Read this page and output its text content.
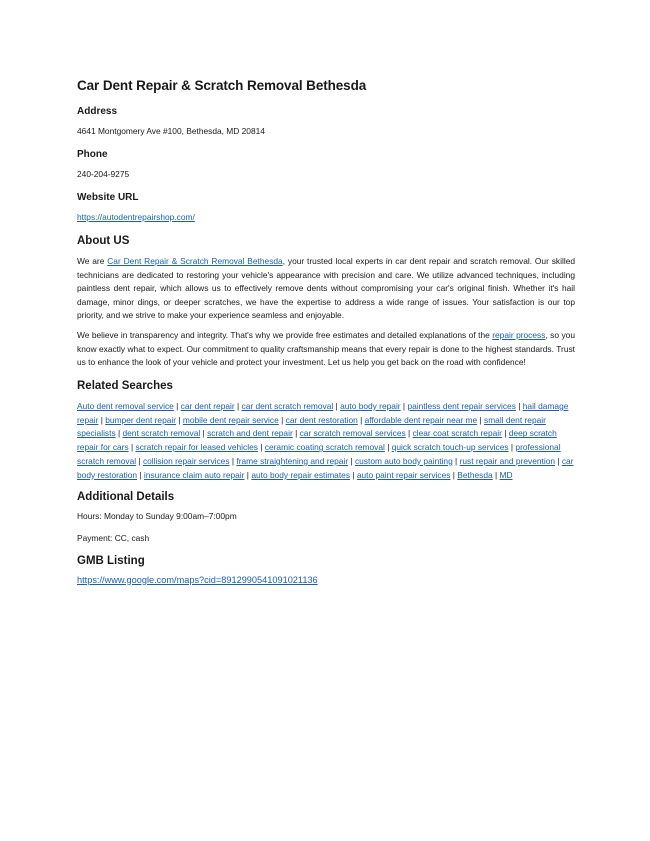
Car Dent Repair & Scratch Removal Bethesda
Address
4641 Montgomery Ave #100, Bethesda, MD 20814
Phone
240-204-9275
Website URL
https://autodentrepairshop.com/
About US

We are Car Dent Repair & Scratch Removal Bethesda, your trusted local experts in car dent repair and scratch removal. Our skilled technicians are dedicated to restoring your vehicle's appearance with precision and care. We utilize advanced techniques, including paintless dent repair, which allows us to effectively remove dents without compromising your car's original finish. Whether it's hail damage, minor dings, or deeper scratches, we have the expertise to address a wide range of issues. Your satisfaction is our top priority, and we strive to make your experience seamless and enjoyable.

We believe in transparency and integrity. That's why we provide free estimates and detailed explanations of the repair process, so you know exactly what to expect. Our commitment to quality craftsmanship means that every repair is done to the highest standards. Trust us to enhance the look of your vehicle and protect your investment. Let us help you get back on the road with confidence!

Related Searches
Auto dent removal service | car dent repair | car dent scratch removal | auto body repair | paintless dent repair services | hail damage repair | bumper dent repair | mobile dent repair service | car dent restoration | affordable dent repair near me | small dent repair specialists | dent scratch removal | scratch and dent repair | car scratch removal services | clear coat scratch repair | deep scratch repair for cars | scratch repair for leased vehicles | ceramic coating scratch removal | quick scratch touch-up services | professional scratch removal | collision repair services | frame straightening and repair | custom auto body painting | rust repair and prevention | car body restoration | insurance claim auto repair | auto body repair estimates | auto paint repair services | Bethesda | MD
Additional Details
Hours: Monday to Sunday 9:00am–7:00pm
Payment: CC, cash
GMB Listing
https://www.google.com/maps?cid=8912990541091021136
